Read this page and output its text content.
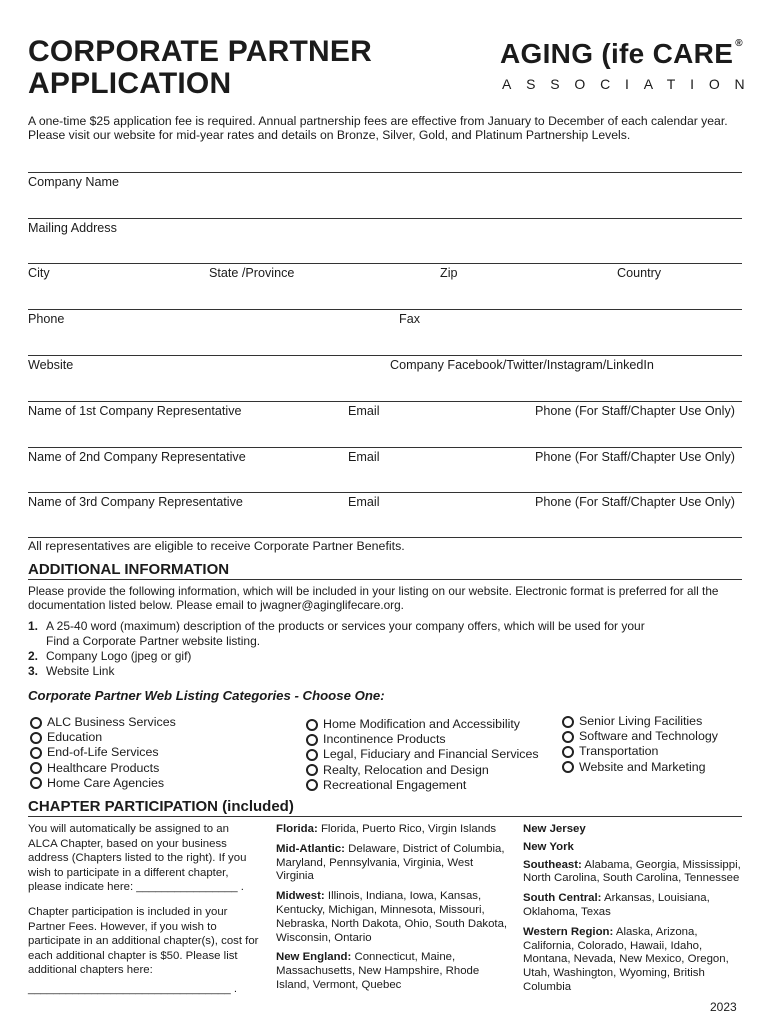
CORPORATE PARTNER
APPLICATION
AGING (ife CARE ®
ASSOCIATION
A one-time $25 application fee is required. Annual partnership fees are effective from January to December of each calendar year. Please visit our website for mid-year rates and details on Bronze, Silver, Gold, and Platinum Partnership Levels.
Company Name
Mailing Address
City	State /Province	Zip	Country
Phone	Fax
Website	Company Facebook/Twitter/Instagram/LinkedIn
Name of 1st Company Representative	Email	Phone (For Staff/Chapter Use Only)
Name of 2nd Company Representative	Email	Phone (For Staff/Chapter Use Only)
Name of 3rd Company Representative	Email	Phone (For Staff/Chapter Use Only)
All representatives are eligible to receive Corporate Partner Benefits.
ADDITIONAL INFORMATION
Please provide the following information, which will be included in your listing on our website. Electronic format is preferred for all the documentation listed below. Please email to jwagner@aginglifecare.org.
1. A 25-40 word (maximum) description of the products or services your company offers, which will be used for your
Find a Corporate Partner website listing.
2. Company Logo (jpeg or gif)
3. Website Link
Corporate Partner Web Listing Categories - Choose One:
ALC Business Services
Education
End-of-Life Services
Healthcare Products
Home Care Agencies
Home Modification and Accessibility
Incontinence Products
Legal, Fiduciary and Financial Services
Realty, Relocation and Design
Recreational Engagement
Senior Living Facilities
Software and Technology
Transportation
Website and Marketing
CHAPTER PARTICIPATION (included)
You will automatically be assigned to an ALCA Chapter, based on your business address (Chapters listed to the right). If you wish to participate in a different chapter, please indicate here: ________________ .
Chapter participation is included in your Partner Fees. However, if you wish to participate in an additional chapter(s), cost for each additional chapter is $50. Please list additional chapters here:
________________________________ .
Florida: Florida, Puerto Rico, Virgin Islands
Mid-Atlantic: Delaware, District of Columbia, Maryland, Pennsylvania, Virginia, West Virginia
Midwest: Illinois, Indiana, Iowa, Kansas, Kentucky, Michigan, Minnesota, Missouri, Nebraska, North Dakota, Ohio, South Dakota, Wisconsin, Ontario
New England: Connecticut, Maine, Massachusetts, New Hampshire, Rhode Island, Vermont, Quebec
New Jersey
New York
Southeast: Alabama, Georgia, Mississippi, North Carolina, South Carolina, Tennessee
South Central: Arkansas, Louisiana, Oklahoma, Texas
Western Region: Alaska, Arizona, California, Colorado, Hawaii, Idaho, Montana, Nevada, New Mexico, Oregon, Utah, Washington, Wyoming, British Columbia
2023
